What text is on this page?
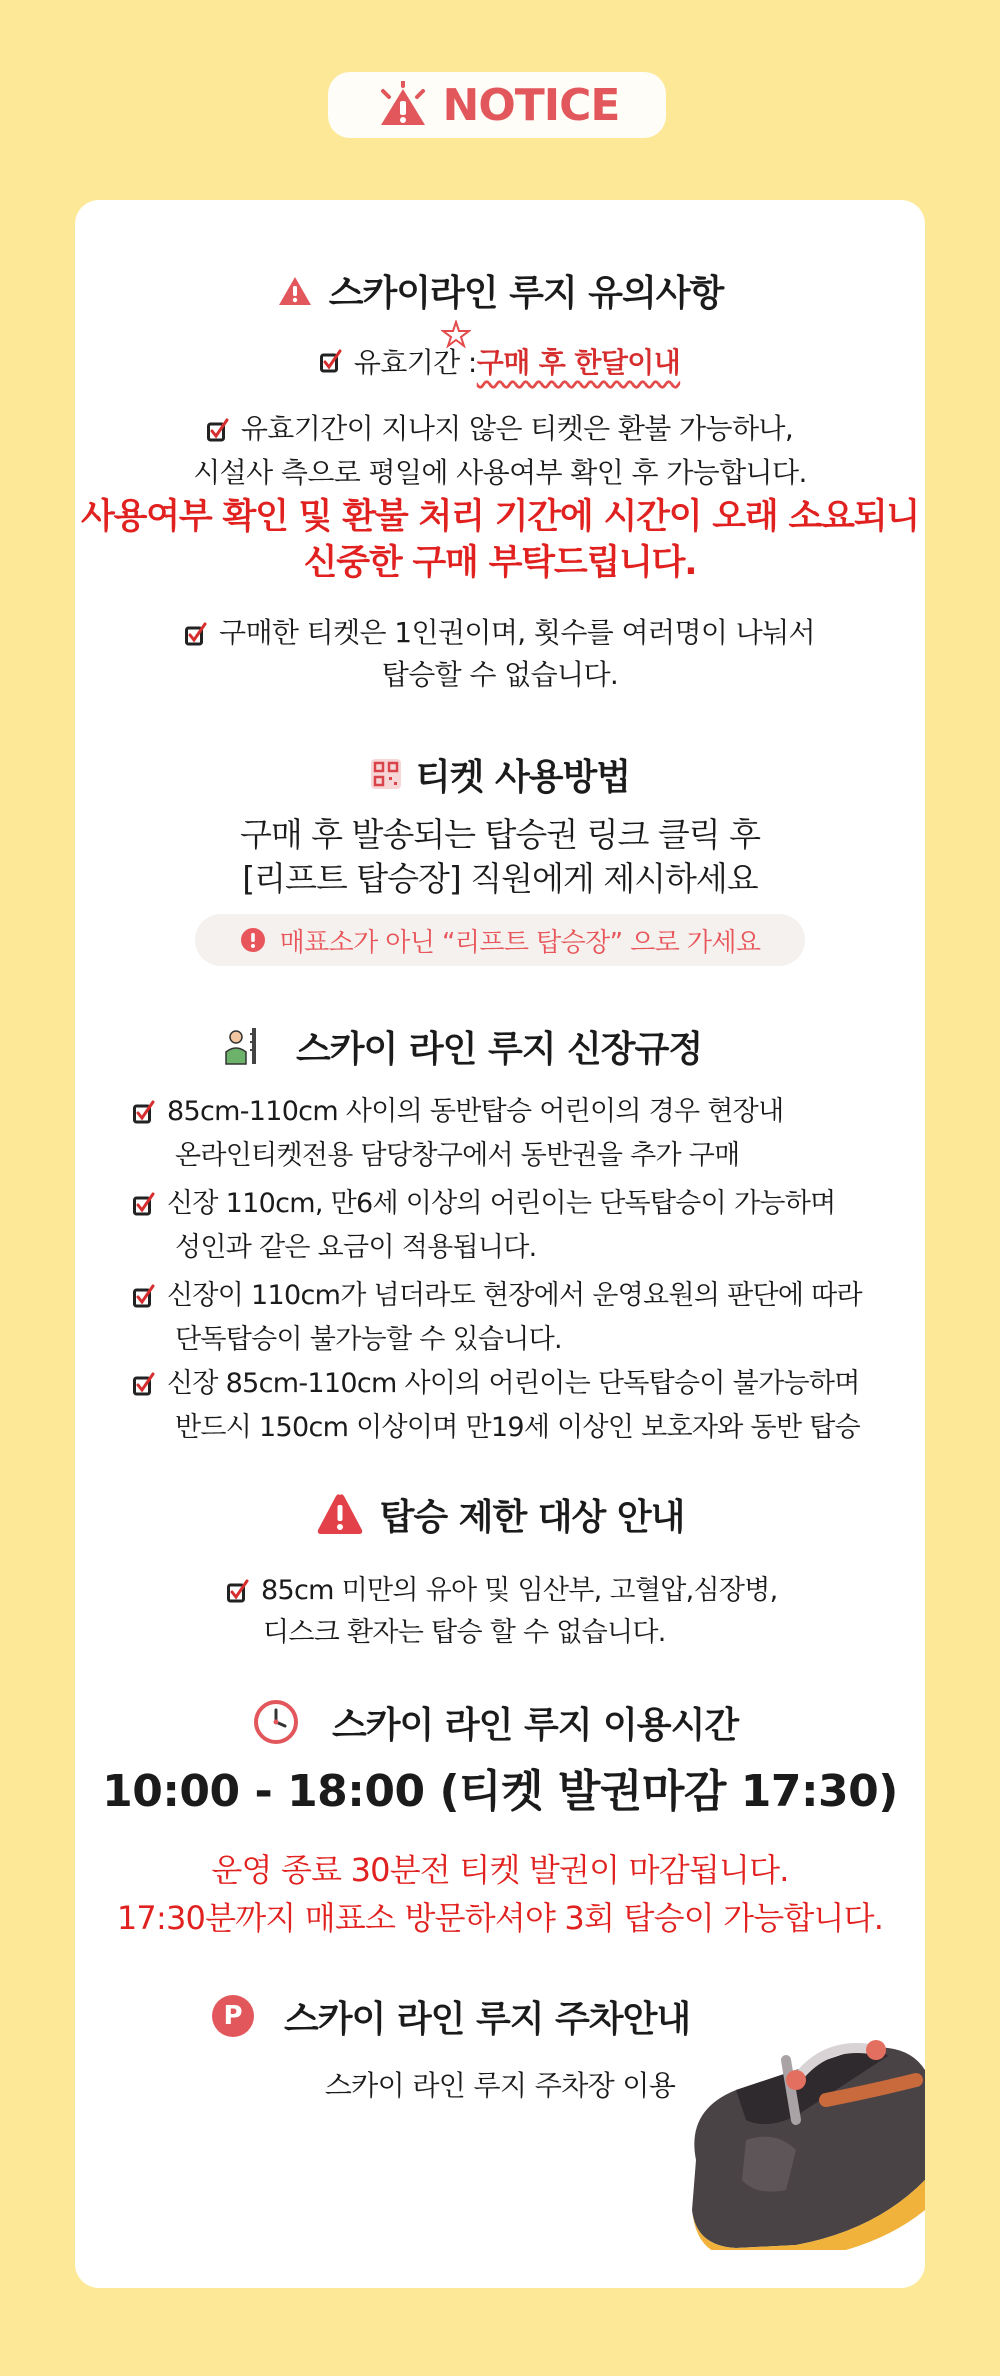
NOTICE
스카이라인 루지 유의사항
유효기간 : 구매 후 한달이내
유효기간이 지나지 않은 티켓은 환불 가능하나,
시설사 측으로 평일에 사용여부 확인 후 가능합니다.
사용여부 확인 및 환불 처리 기간에 시간이 오래 소요되니
신중한 구매 부탁드립니다.
구매한 티켓은 1인권이며, 횟수를 여러명이 나눠서
탑승할 수 없습니다.
티켓 사용방법
구매 후 발송되는 탑승권 링크 클릭 후
[리프트 탑승장] 직원에게 제시하세요
매표소가 아닌 “리프트 탑승장” 으로 가세요
스카이 라인 루지 신장규정
85cm-110cm 사이의 동반탑승 어린이의 경우 현장내
온라인티켓전용 담당창구에서 동반권을 추가 구매
신장 110cm, 만6세 이상의 어린이는 단독탑승이 가능하며
성인과 같은 요금이 적용됩니다.
신장이 110cm가 넘더라도 현장에서 운영요원의 판단에 따라
단독탑승이 불가능할 수 있습니다.
신장 85cm-110cm 사이의 어린이는 단독탑승이 불가능하며
반드시 150cm 이상이며 만19세 이상인 보호자와 동반 탑승
탑승 제한 대상 안내
85cm 미만의 유아 및 임산부, 고혈압,심장병,
디스크 환자는 탑승 할 수 없습니다.
스카이 라인 루지 이용시간
10:00 - 18:00 (티켓 발권마감 17:30)
운영 종료 30분전 티켓 발권이 마감됩니다.
17:30분까지 매표소 방문하셔야 3회 탑승이 가능합니다.
P	스카이 라인 루지 주차안내
스카이 라인 루지 주차장 이용
